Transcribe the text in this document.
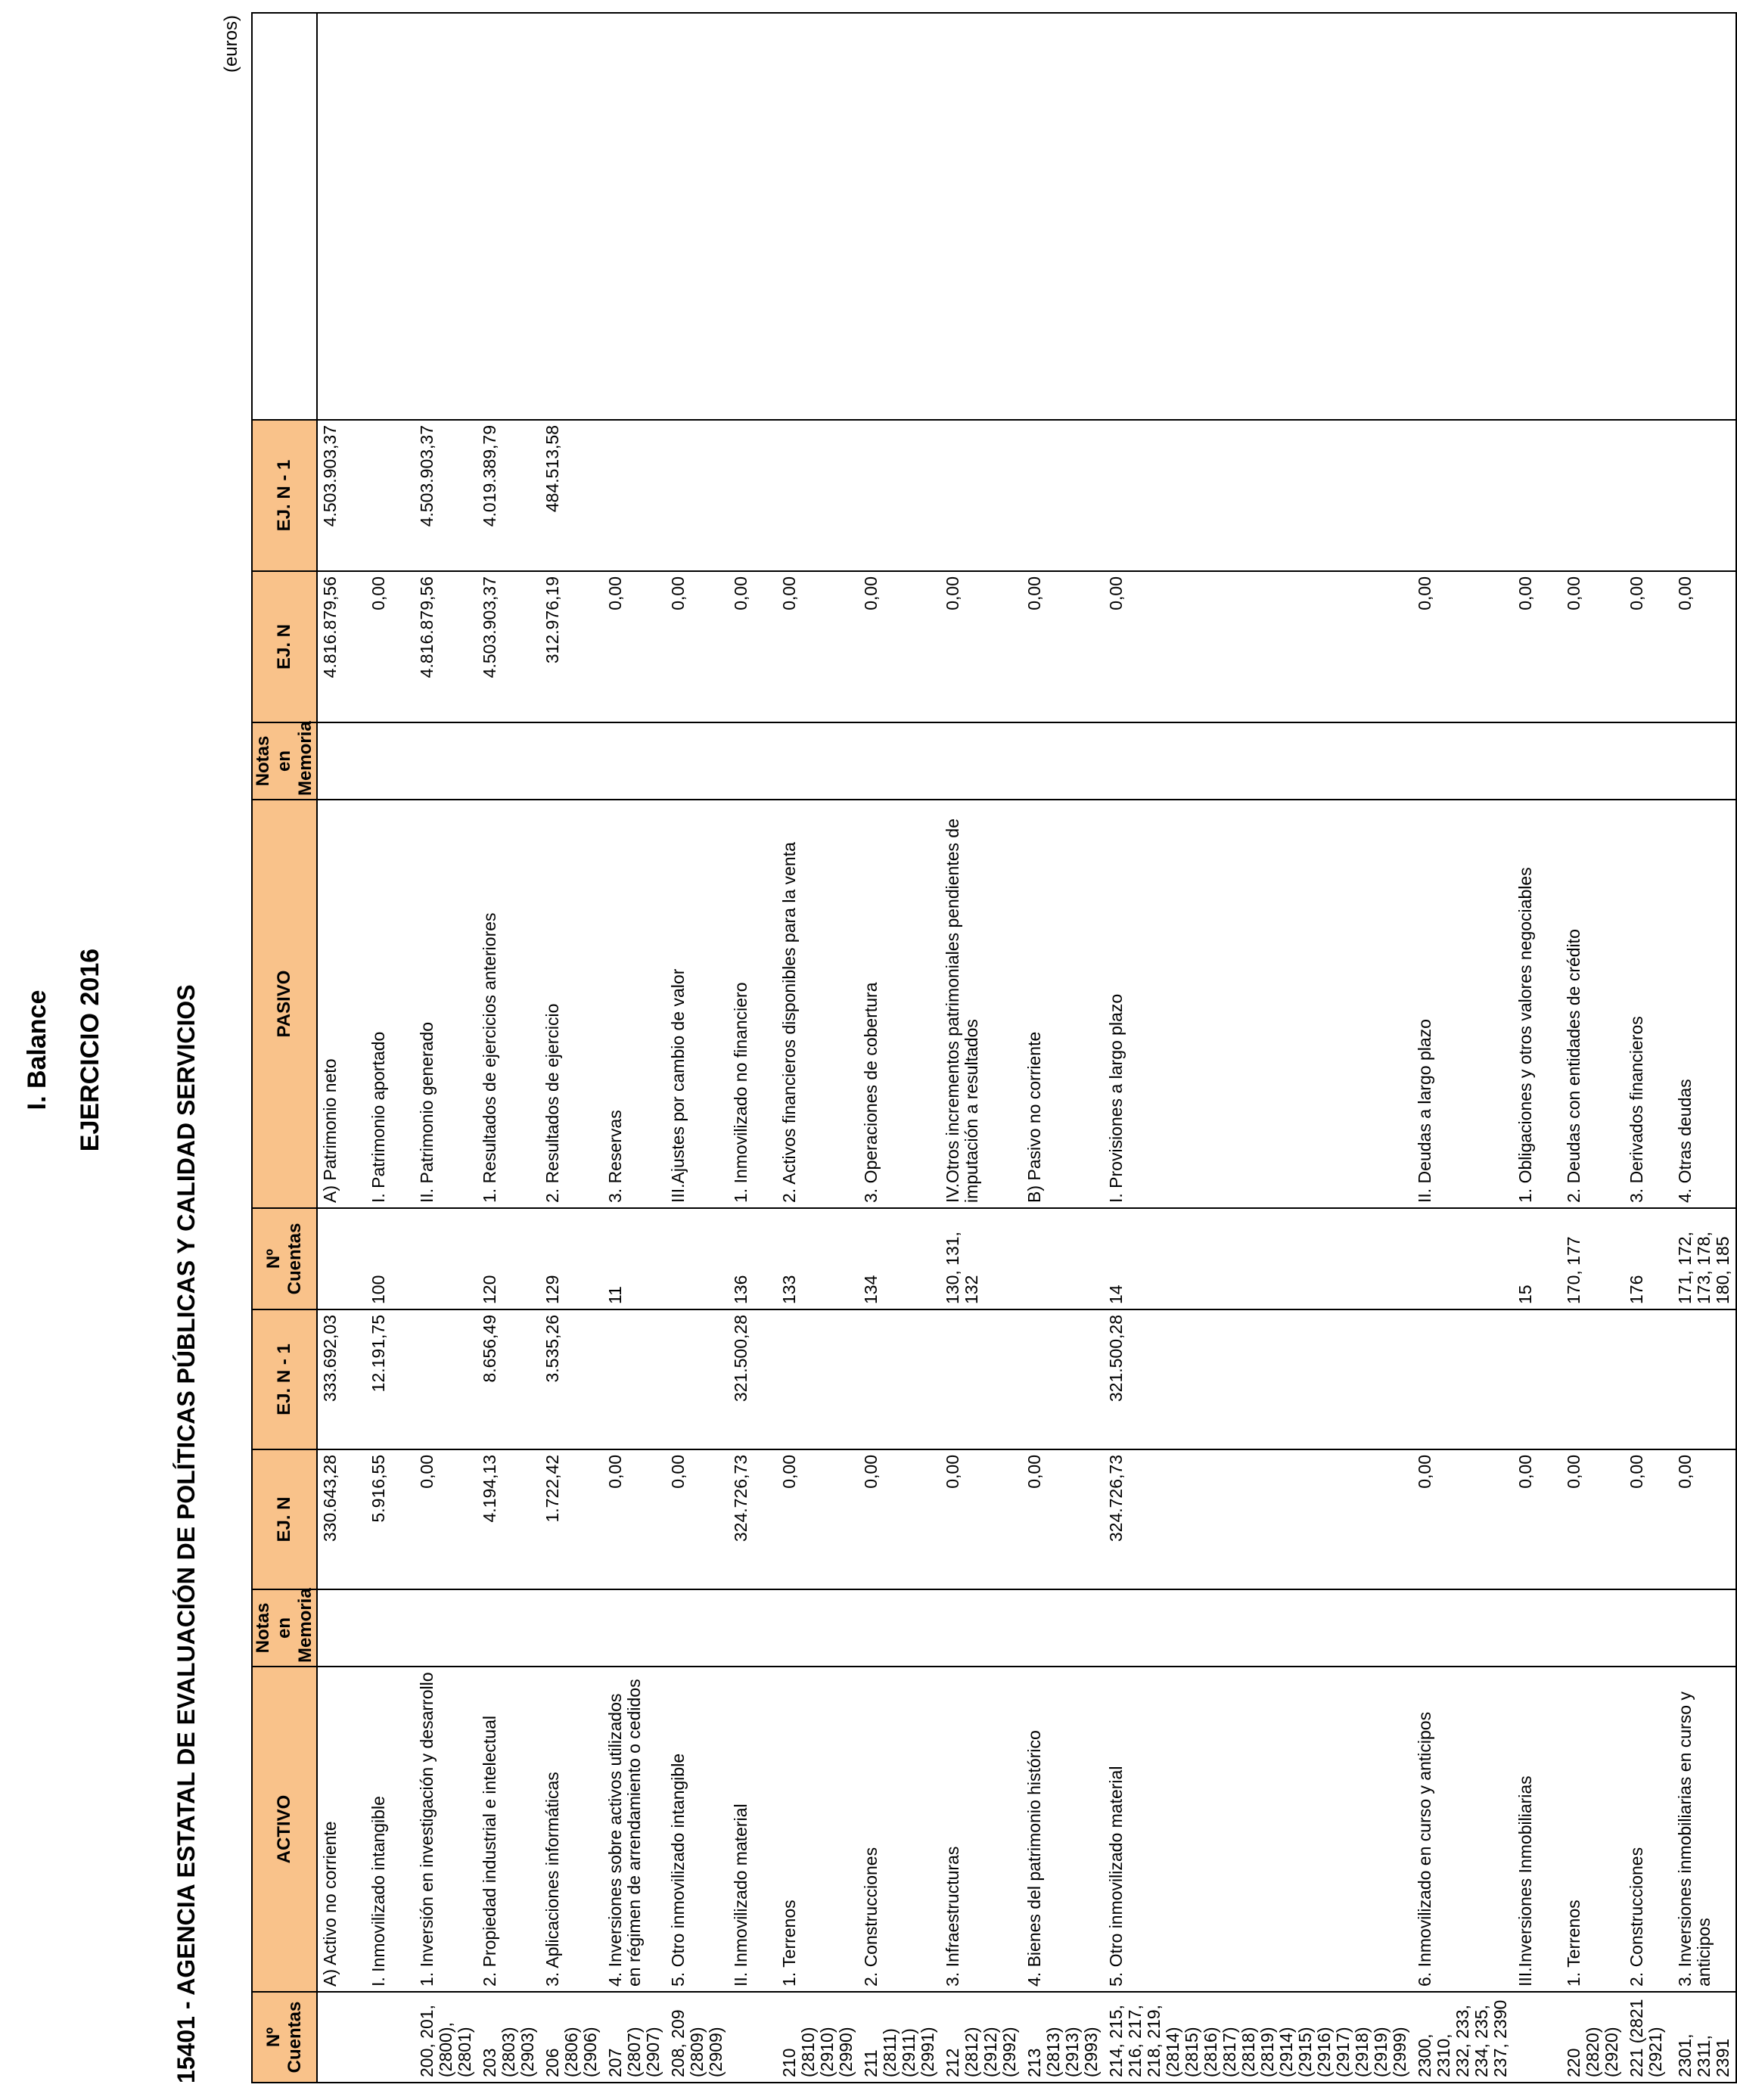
I. Balance EJERCICIO 2016	15401 - AGENCIA ESTATAL DE EVALUACIÓN DE POLÍTICAS PÚBLICAS Y CALIDAD SERVICIOS
(euros)
Nº Cuentas	ACTIVO	Notas en Memoria	EJ. N	EJ. N - 1	Nº Cuentas	PASIVO	Notas en Memoria	EJ. N	EJ. N - 1	
	A) Activo no corriente		330.643,28	333.692,03		A) Patrimonio neto		4.816.879,56	4.503.903,37	
	I. Inmovilizado intangible		5.916,55	12.191,75	100	I. Patrimonio aportado		0,00		
200, 201, (2800), (2801)	1. Inversión en investigación y desarrollo		0,00			II. Patrimonio generado		4.816.879,56	4.503.903,37	
203 (2803) (2903)	2. Propiedad industrial e intelectual		4.194,13	8.656,49	120	1. Resultados de ejercicios anteriores		4.503.903,37	4.019.389,79	
206 (2806) (2906)	3. Aplicaciones informáticas		1.722,42	3.535,26	129	2. Resultados de ejercicio		312.976,19	484.513,58	
207 (2807) (2907)	4. Inversiones sobre activos utilizados en régimen de arrendamiento o cedidos		0,00		11	3. Reservas		0,00		
208, 209 (2809) (2909)	5. Otro inmovilizado intangible		0,00			III.Ajustes por cambio de valor		0,00		
	II. Inmovilizado material		324.726,73	321.500,28	136	1. Inmovilizado no financiero		0,00		
210 (2810) (2910) (2990)	1. Terrenos		0,00		133	2. Activos financieros disponibles para la venta		0,00		
211 (2811) (2911) (2991)	2. Construcciones		0,00		134	3. Operaciones de cobertura		0,00		
212 (2812) (2912) (2992)	3. Infraestructuras		0,00		130, 131, 132	IV.Otros incrementos patrimoniales pendientes de imputación a resultados		0,00		
213 (2813) (2913) (2993)	4. Bienes del patrimonio histórico		0,00			B) Pasivo no corriente		0,00		
214, 215, 216, 217, 218, 219, (2814) (2815) (2816) (2817) (2818) (2819) (2914) (2915) (2916) (2917) (2918) (2919) (2999)	5. Otro inmovilizado material		324.726,73	321.500,28	14	I. Provisiones a largo plazo		0,00		
2300, 2310, 232, 233, 234, 235, 237, 2390	6. Inmovilizado en curso y anticipos		0,00			II. Deudas a largo plazo		0,00		
	III.Inversiones Inmobiliarias		0,00		15	1. Obligaciones y otros valores negociables		0,00		
220 (2820) (2920)	1. Terrenos		0,00		170, 177	2. Deudas con entidades de crédito		0,00		
221 (2821 (2921)	2. Construcciones		0,00		176	3. Derivados financieros		0,00		
2301, 2311, 2391	3. Inversiones inmobiliarias en curso y anticipos		0,00		171, 172, 173, 178, 180, 185	4. Otras deudas		0,00		
